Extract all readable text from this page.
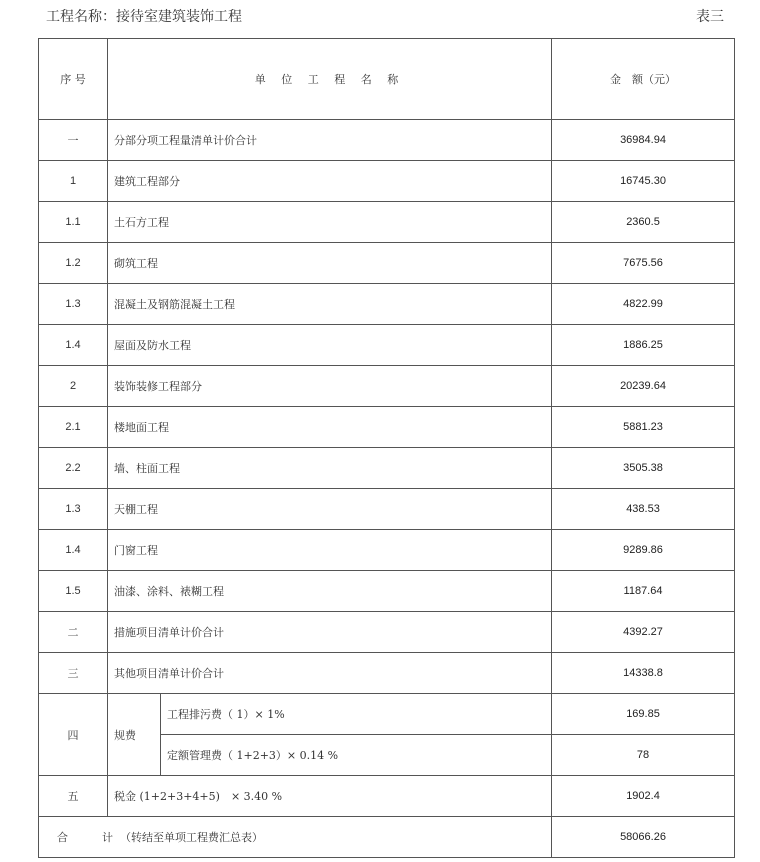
工程名称：接待室建筑装饰工程	表三
序 号	单 位 工 程 名 称		金　额（元）
一	分部分项工程量清单计价合计		36984.94
1	建筑工程部分		16745.30
1.1	土石方工程		2360.5
1.2	砌筑工程		7675.56
1.3	混凝土及钢筋混凝土工程		4822.99
1.4	屋面及防水工程		1886.25
2	装饰装修工程部分		20239.64
2.1	楼地面工程		5881.23
2.2	墙、柱面工程		3505.38
1.3	天棚工程		438.53
1.4	门窗工程		9289.86
1.5	油漆、涂料、裱糊工程		1187.64
二	措施项目清单计价合计		4392.27
三	其他项目清单计价合计		14338.8
四	规费	工程排污费（ 1）× 1%	169.85
		定额管理费（ 1+2+3）× 0.14 %	78
五	税金 (1+2+3+4+5)　× 3.40 %		1902.4
合 计 （转结至单项工程费汇总表）			58066.26
